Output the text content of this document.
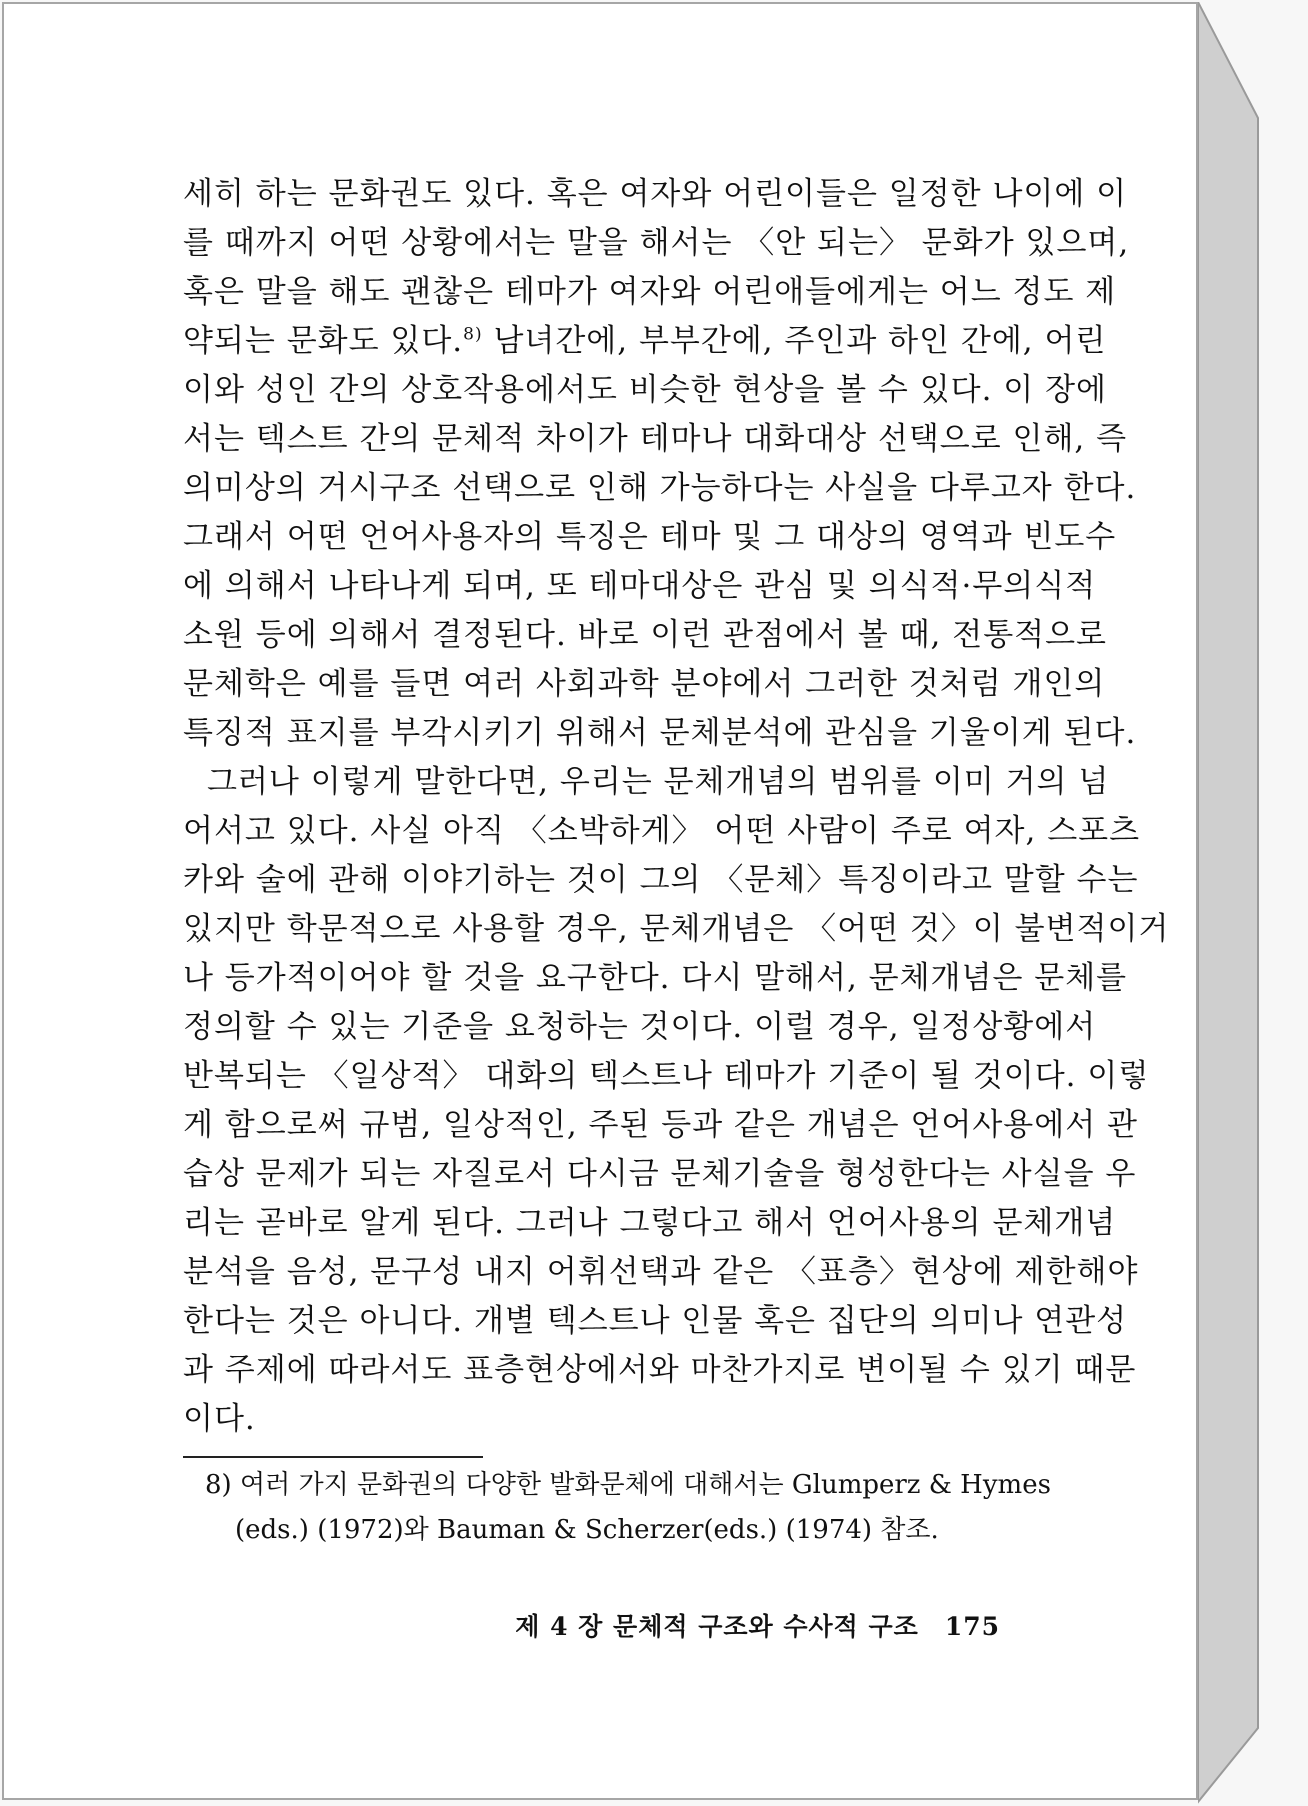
세히 하는 문화권도 있다. 혹은 여자와 어린이들은 일정한 나이에 이
를 때까지 어떤 상황에서는 말을 해서는 〈안 되는〉 문화가 있으며,
혹은 말을 해도 괜찮은 테마가 여자와 어린애들에게는 어느 정도 제
약되는 문화도 있다.$^{8)}$ 남녀간에, 부부간에, 주인과 하인 간에, 어린
이와 성인 간의 상호작용에서도 비슷한 현상을 볼 수 있다. 이 장에
서는 텍스트 간의 문체적 차이가 테마나 대화대상 선택으로 인해, 즉
의미상의 거시구조 선택으로 인해 가능하다는 사실을 다루고자 한다.
그래서 어떤 언어사용자의 특징은 테마 및 그 대상의 영역과 빈도수
에 의해서 나타나게 되며, 또 테마대상은 관심 및 의식적·무의식적
소원 등에 의해서 결정된다. 바로 이런 관점에서 볼 때, 전통적으로
문체학은 예를 들면 여러 사회과학 분야에서 그러한 것처럼 개인의
특징적 표지를 부각시키기 위해서 문체분석에 관심을 기울이게 된다.
그러나 이렇게 말한다면, 우리는 문체개념의 범위를 이미 거의 넘
어서고 있다. 사실 아직 〈소박하게〉 어떤 사람이 주로 여자, 스포츠
카와 술에 관해 이야기하는 것이 그의 〈문체〉특징이라고 말할 수는
있지만 학문적으로 사용할 경우, 문체개념은 〈어떤 것〉이 불변적이거
나 등가적이어야 할 것을 요구한다. 다시 말해서, 문체개념은 문체를
정의할 수 있는 기준을 요청하는 것이다. 이럴 경우, 일정상황에서
반복되는 〈일상적〉 대화의 텍스트나 테마가 기준이 될 것이다. 이렇
게 함으로써 규범, 일상적인, 주된 등과 같은 개념은 언어사용에서 관
습상 문제가 되는 자질로서 다시금 문체기술을 형성한다는 사실을 우
리는 곧바로 알게 된다. 그러나 그렇다고 해서 언어사용의 문체개념
분석을 음성, 문구성 내지 어휘선택과 같은 〈표층〉현상에 제한해야
한다는 것은 아니다. 개별 텍스트나 인물 혹은 집단의 의미나 연관성
과 주제에 따라서도 표층현상에서와 마찬가지로 변이될 수 있기 때문
이다.
8) 여러 가지 문화권의 다양한 발화문체에 대해서는 Glumperz & Hymes
(eds.) (1972)와 Bauman & Scherzer(eds.) (1974) 참조.
제 4 장 문체적 구조와 수사적 구조 175
